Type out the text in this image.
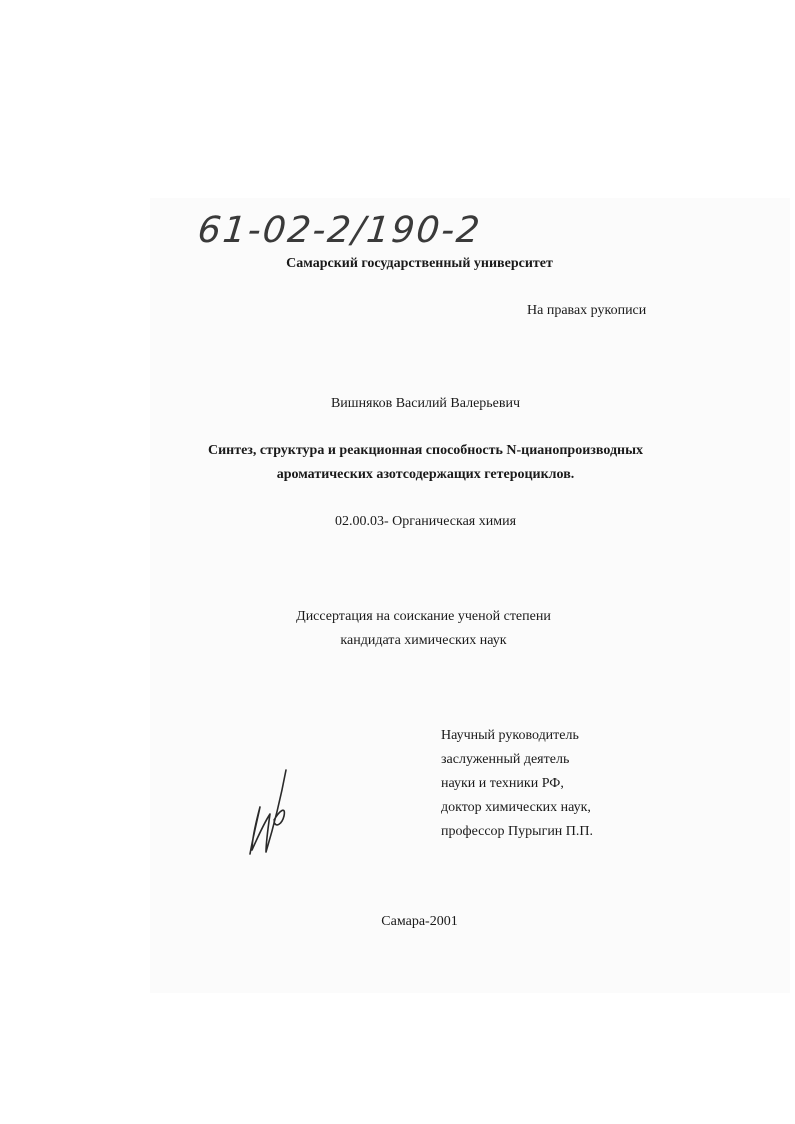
61-02-2/190-2
Самарский государственный университет
На правах рукописи
Вишняков Василий Валерьевич
Синтез, структура и реакционная способность N-цианопроизводных
ароматических азотсодержащих гетероциклов.
02.00.03- Органическая химия
Диссертация на соискание ученой степени
кандидата химических наук
Научный руководитель
заслуженный деятель
науки и техники РФ,
доктор химических наук,
профессор Пурыгин П.П.
Самара-2001
